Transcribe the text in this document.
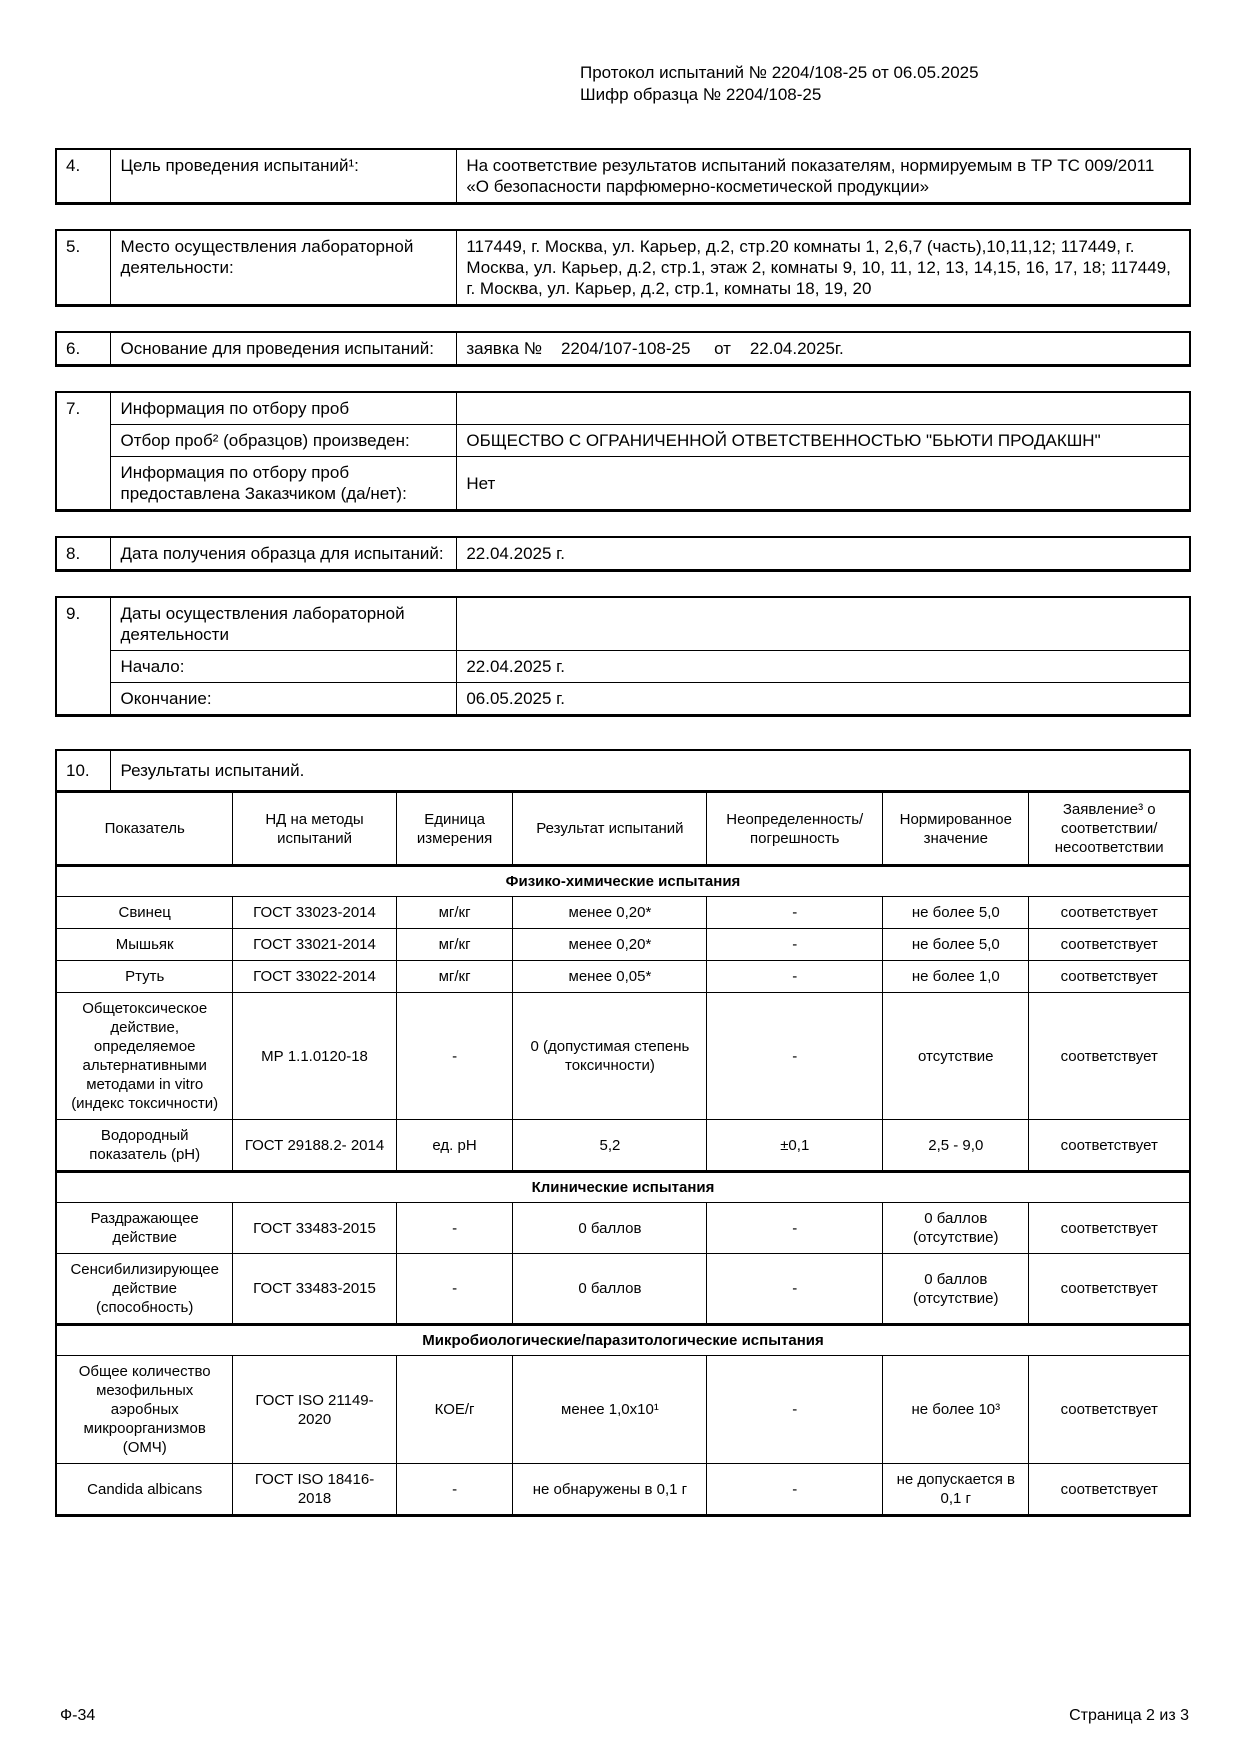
Протокол испытаний № 2204/108-25 от 06.05.2025
Шифр образца № 2204/108-25
4.	Цель проведения испытаний¹:	На соответствие результатов испытаний показателям, нормируемым в ТР ТС 009/2011 «О безопасности парфюмерно-косметической продукции»
5.	Место осуществления лабораторной деятельности:	117449, г. Москва, ул. Карьер, д.2, стр.20 комнаты 1, 2,6,7 (часть),10,11,12; 117449, г. Москва, ул. Карьер, д.2, стр.1, этаж 2, комнаты 9, 10, 11, 12, 13, 14,15, 16, 17, 18; 117449, г. Москва, ул. Карьер, д.2, стр.1, комнаты 18, 19, 20
6.	Основание для проведения испытаний:	заявка №    2204/107-108-25     от    22.04.2025г.
7.	Информация по отбору проб	
	Отбор проб² (образцов) произведен:	ОБЩЕСТВО С ОГРАНИЧЕННОЙ ОТВЕТСТВЕННОСТЬЮ "БЬЮТИ ПРОДАКШН"
	Информация по отбору проб предоставлена Заказчиком (да/нет):	Нет
8.	Дата получения образца для испытаний:	22.04.2025 г.
9.	Даты осуществления лабораторной деятельности	
	Начало:	22.04.2025 г.
	Окончание:	06.05.2025 г.
10.	Результаты испытаний.
Показатель	НД на методы испытаний	Единица измерения	Результат испытаний	Неопределенность/ погрешность	Нормированное значение	Заявление³ о соответствии/ несоответствии
Физико-химические испытания						
Свинец	ГОСТ 33023-2014	мг/кг	менее 0,20*	-	не более 5,0	соответствует
Мышьяк	ГОСТ 33021-2014	мг/кг	менее 0,20*	-	не более 5,0	соответствует
Ртуть	ГОСТ 33022-2014	мг/кг	менее 0,05*	-	не более 1,0	соответствует
Общетоксическое действие, определяемое альтернативными методами in vitro (индекс токсичности)	МР 1.1.0120-18	-	0 (допустимая степень токсичности)	-	отсутствие	соответствует
Водородный показатель (pH)	ГОСТ 29188.2- 2014	ед. pH	5,2	±0,1	2,5 - 9,0	соответствует
Клинические испытания						
Раздражающее действие	ГОСТ 33483-2015	-	0 баллов	-	0 баллов (отсутствие)	соответствует
Сенсибилизирующее действие (способность)	ГОСТ 33483-2015	-	0 баллов	-	0 баллов (отсутствие)	соответствует
Микробиологические/паразитологические испытания						
Общее количество мезофильных аэробных микроорганизмов (ОМЧ)	ГОСТ ISO 21149- 2020	КОЕ/г	менее 1,0x10¹	-	не более 10³	соответствует
Candida albicans	ГОСТ ISO 18416- 2018	-	не обнаружены в 0,1 г	-	не допускается в 0,1 г	соответствует
Ф-34	Страница 2 из 3
